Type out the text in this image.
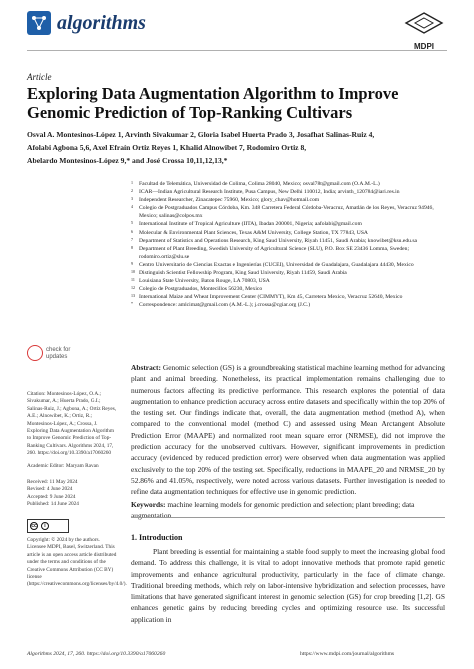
algorithms
MDPI
Article
Exploring Data Augmentation Algorithm to Improve Genomic Prediction of Top-Ranking Cultivars
Osval A. Montesinos-López 1, Arvinth Sivakumar 2, Gloria Isabel Huerta Prado 3, Josafhat Salinas-Ruiz 4,
Afolabi Agbona 5,6, Axel Efraín Ortiz Reyes 1, Khalid Alnowibet 7, Rodomiro Ortiz 8,
Abelardo Montesinos-López 9,* and José Crossa 10,11,12,13,*
1 Facultad de Telemática, Universidad de Colima, Colima 28040, Mexico; osval78t@gmail.com (O.A.M.-L.)
2 ICAR—Indian Agricultural Research Institute, Pusa Campus, New Delhi 110012, India; arvinth_120784@iari.res.in
3 Independent Researcher, Zinacatepec 75960, Mexico; glory_chav@hotmail.com
4 Colegio de Postgraduados Campus Córdoba, Km. 348 Carretera Federal Córdoba-Veracruz, Amatlán de los Reyes, Veracruz 94946, Mexico; salinas@colpos.mx
5 International Institute of Tropical Agriculture (IITA), Ibadan 200001, Nigeria; aafolabi@gmail.com
6 Molecular & Environmental Plant Sciences, Texas A&M University, College Station, TX 77843, USA
7 Department of Statistics and Operations Research, King Saud University, Riyah 11451, Saudi Arabia; knowibet@ksu.edu.sa
8 Department of Plant Breeding, Swedish University of Agricultural Science (SLU), P.O. Box SE 23436 Lomma, Sweden; rodomiro.ortiz@slu.se
9 Centro Universitario de Ciencias Exactas e Ingenierías (CUCEI), Universidad de Guadalajara, Guadalajara 44430, Mexico
10 Distinguish Scientist Fellowship Program, King Saud University, Riyah 11459, Saudi Arabia
11 Louisiana State University, Baton Rouge, LA 70803, USA
12 Colegio de Postgraduados, Montecillos 56230, Mexico
13 International Maize and Wheat Improvement Center (CIMMYT), Km 45, Carretera Mexico, Veracruz 52640, Mexico
* Correspondence: amlcimat@gmail.com (A.M.-L.); j.crossa@cgiar.org (J.C.)
check for updates
Citation: Montesinos-López, O.A.; Sivakumar, A.; Huerta Prado, G.I.; Salinas-Ruiz, J.; Agbona, A.; Ortiz Reyes, A.E.; Alnowibet, K.; Ortiz, R.; Montesinos-López, A.; Crossa, J. Exploring Data Augmentation Algorithm to Improve Genomic Prediction of Top-Ranking Cultivars. Algorithms 2024, 17, 260. https://doi.org/10.3390/a17060260
Academic Editor: Maryam Ravan
Received: 11 May 2024
Revised: 4 June 2024
Accepted: 9 June 2024
Published: 14 June 2024
cc	i
Copyright: © 2024 by the authors. Licensee MDPI, Basel, Switzerland. This article is an open access article distributed under the terms and conditions of the Creative Commons Attribution (CC BY) license (https://creativecommons.org/licenses/by/4.0/).
Abstract: Genomic selection (GS) is a groundbreaking statistical machine learning method for advancing plant and animal breeding. Nonetheless, its practical implementation remains challenging due to numerous factors affecting its predictive performance. This research explores the potential of data augmentation to enhance prediction accuracy across entire datasets and specifically within the top 20% of the testing set. Our findings indicate that, overall, the data augmentation method (method A), when compared to the conventional model (method C) and assessed using Mean Arctangent Absolute Prediction Error (MAAPE) and normalized root mean square error (NRMSE), did not improve the prediction accuracy for the unobserved cultivars. However, significant improvements in prediction accuracy (evidenced by reduced prediction error) were observed when data augmentation was applied exclusively to the top 20% of the testing set. Specifically, reductions in MAAPE_20 and NRMSE_20 by 52.86% and 41.05%, respectively, were noted across various datasets. Further investigation is needed to refine data augmentation techniques for effective use in genomic prediction.
Keywords: machine learning models for genomic prediction and selection; plant breeding; data augmentation
1. Introduction
Plant breeding is essential for maintaining a stable food supply to meet the increasing global food demand. To address this challenge, it is vital to adopt innovative methods that promote rapid genetic improvements and enhance agricultural productivity, particularly in the face of climate change. Traditional breeding methods, which rely on labor-intensive hybridization and selection processes, have limitations that have generated significant interest in genomic selection (GS) for crop breeding [1,2]. GS enhances genetic gains by reducing breeding cycles and optimizing resource use. Its successful application in
Algorithms 2024, 17, 260. https://doi.org/10.3390/a17060260	https://www.mdpi.com/journal/algorithms
